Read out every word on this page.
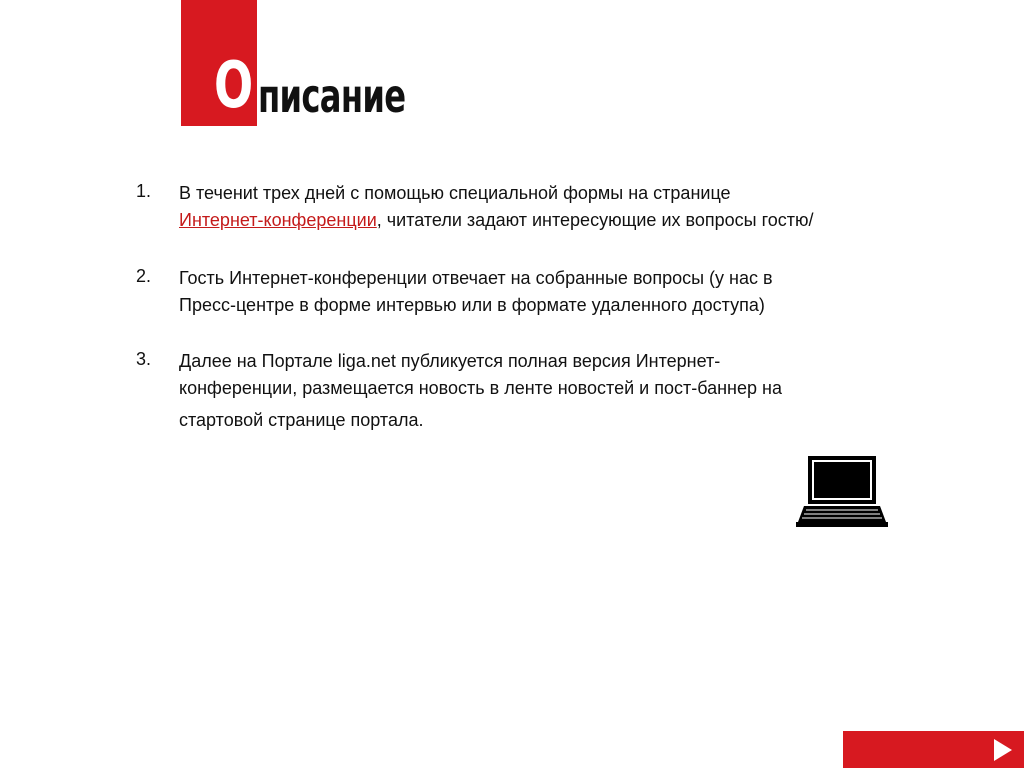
О писание
1. В течениt трех дней с помощью специальной формы на странице
Интернет-конференции, читатели задают интересующие их вопросы гостю/
2. Гость Интернет-конференции отвечает на собранные вопросы (у нас в
Пресс-центре в форме интервью или в формате удаленного доступа)
3. Далее на Портале liga.net публикуется полная версия Интернет-
конференции, размещается новость в ленте новостей и пост-баннер на
стартовой странице портала.
